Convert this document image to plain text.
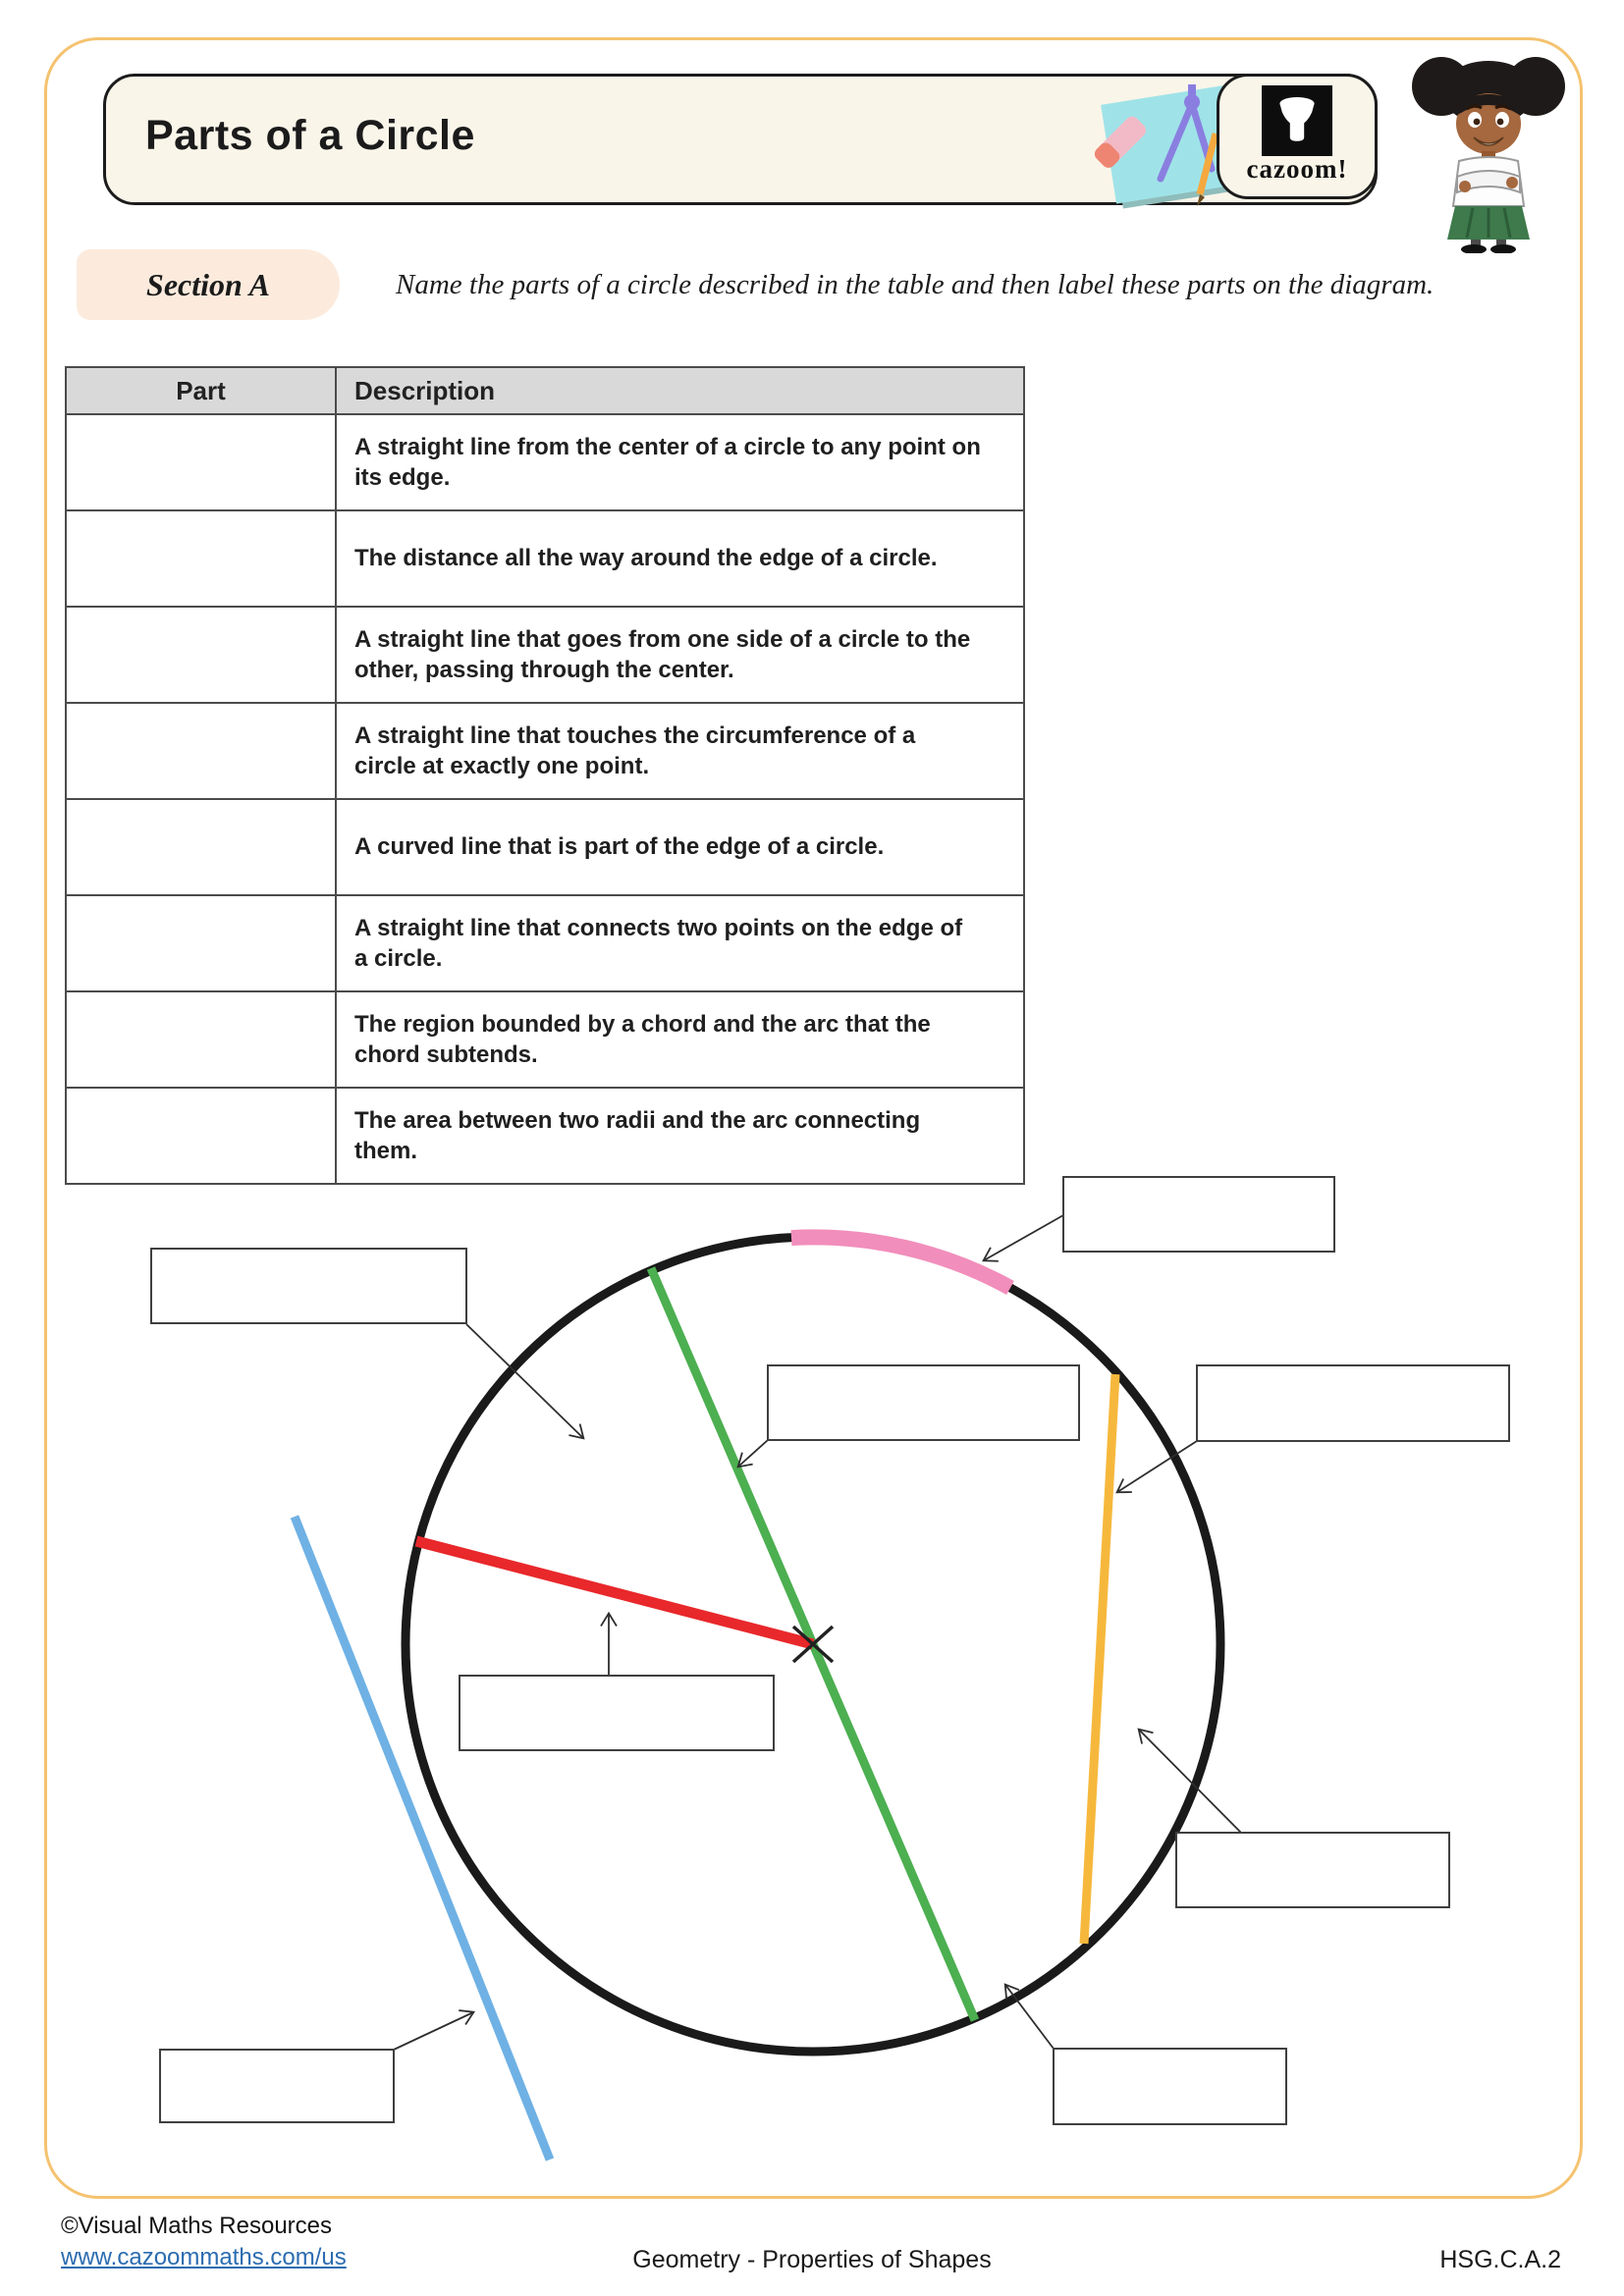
Parts of a Circle
cazoom!
Section A	Name the parts of a circle described in the table and then label these parts on the diagram.
Part	Description
	A straight line from the center of a circle to any point on its edge.
	The distance all the way around the edge of a circle.
	A straight line that goes from one side of a circle to the other, passing through the center.
	A straight line that touches the circumference of a circle at exactly one point.
	A curved line that is part of the edge of a circle.
	A straight line that connects two points on the edge of a circle.
	The region bounded by a chord and the arc that the chord subtends.
	The area between two radii and the arc connecting them.
©Visual Maths Resources
www.cazoommaths.com/us	Geometry - Properties of Shapes	HSG.C.A.2
